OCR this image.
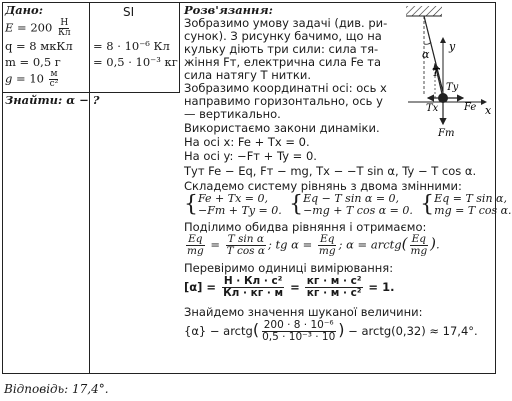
Дано:
$E = 200 \frac{Н}{Кл}$
q = 8 мкКл
m = 0,5 г
$g = 10 \frac{м}{\text{с²}}$
Знайти: α − ?
SI
= 8 · 10⁻⁶ Кл
= 0,5 · 10⁻³ кг
Розв'язання:
Зобразимо умову задачі (див. ри-
сунок). З рисунку бачимо, що на
кульку діють три сили: сила тя-
жіння Fт, електрична сила Fe та
сила натягу T нитки.
Зобразимо координатні осі: ось x
направимо горизонтально, ось y
— вертикально.
Використаємо закони динаміки.
На осі x: Fe + Tx = 0.
На осі y: −Fт + Ty = 0.
Тут Fe − Eq, Fт − mg, Tx − −T sin α, Ty − T cos α.
Складемо систему рівнянь з двома змінними:
{ Fe + Tx = 0,
−Fт + Ty = 0. { Eq − T sin α = 0,
−mg + T cos α = 0. { Eq = T sin α,
mg = T cos α.
Поділимо обидва рівняння і отримаємо:
$\frac{Eq}{mg} = \frac{\text{T sin α}}{\text{T cos α}}$ ; tg $\alpha = \frac{Eq}{mg}$ ; α = arctg( $\frac{Eq}{mg}$ ).
Перевіримо одиниці вимірювання:
$[\alpha] = \frac{\text{Н · Кл · с²}}{Кл \cdot кг \cdot м} = \frac{\text{кг · м · с²}}{\text{кг · м · с²}} = 1$.
Знайдемо значення шуканої величини:
{α} − arctg( $\frac{\text{200 · 8 · 10⁻⁶}}{\text{0,5 · 10⁻³ · 10}}$ ) − arctg(0,32) ≈ 17,4°.
Відповідь: 17,4°.
y
x
α
T
Ty
Tx	Fe
Fт
